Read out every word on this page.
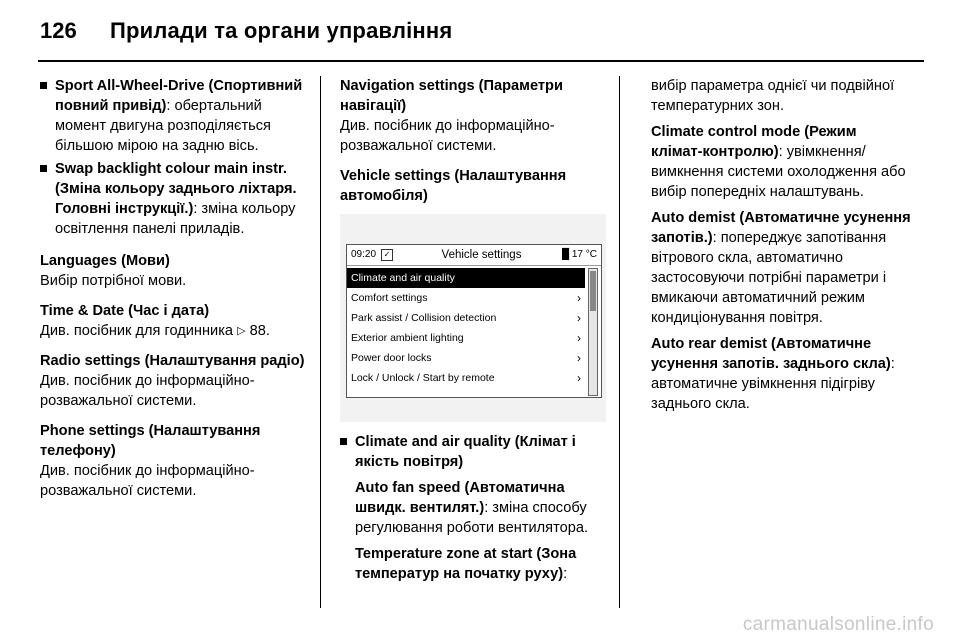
126	Прилади та органи управління
Sport All-Wheel-Drive (Спортивний повний привід): обертальний момент двигуна розподіляється більшою мірою на задню вісь.
Swap backlight colour main instr. (Зміна кольору заднього ліхтаря. Головні інструкції.): зміна кольору освітлення панелі приладів.
Languages (Мови)
Вибір потрібної мови.
Time & Date (Час і дата)
Див. посібник для годинника ▷ 88.
Radio settings (Налаштування радіо)
Див. посібник до інформаційно-розважальної системи.
Phone settings (Налаштування телефону)
Див. посібник до інформаційно-розважальної системи.
Navigation settings (Параметри навігації)
Див. посібник до інформаційно-розважальної системи.
Vehicle settings (Налаштування автомобіля)
09:20 ✓	Vehicle settings	█ 17 °C
Climate and air quality
Comfort settings	›
Park assist / Collision detection	›
Exterior ambient lighting	›
Power door locks	›
Lock / Unlock / Start by remote	›
Climate and air quality (Клімат і якість повітря)
Auto fan speed (Автоматична швидк. вентилят.): зміна способу регулювання роботи вентилятора.
Temperature zone at start (Зона температур на початку руху):
вибір параметра однієї чи подвійної температурних зон.
Climate control mode (Режим клімат-контролю): увімкнення/вимкнення системи охолодження або вибір попередніх налаштувань.
Auto demist (Автоматичне усунення запотів.): попереджує запотівання вітрового скла, автоматично застосовуючи потрібні параметри і вмикаючи автоматичний режим кондиціонування повітря.
Auto rear demist (Автоматичне усунення запотів. заднього скла): автоматичне увімкнення підігріву заднього скла.
carmanualsonline.info
